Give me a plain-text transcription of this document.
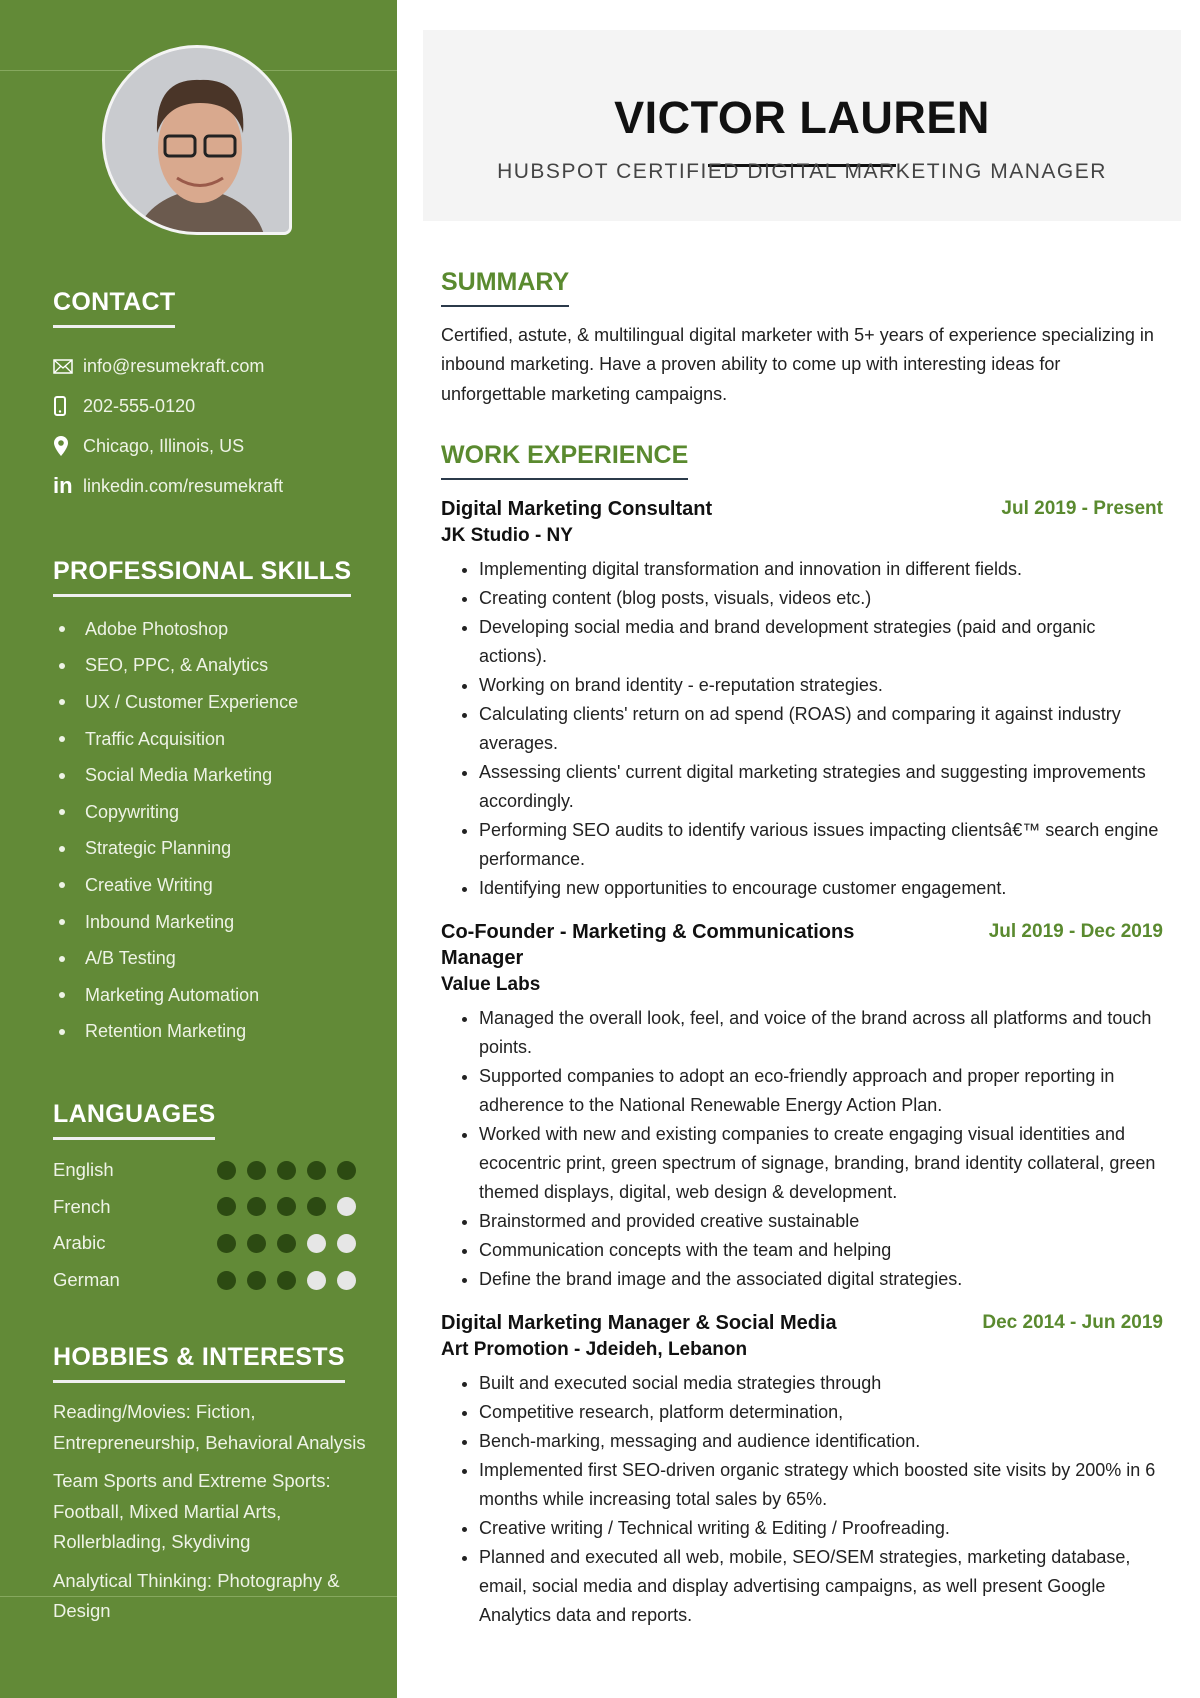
CONTACT
info@resumekraft.com
202-555-0120
Chicago, Illinois, US
in linkedin.com/resumekraft
PROFESSIONAL SKILLS
Adobe Photoshop
SEO, PPC, & Analytics
UX / Customer Experience
Traffic Acquisition
Social Media Marketing
Copywriting
Strategic Planning
Creative Writing
Inbound Marketing
A/B Testing
Marketing Automation
Retention Marketing
LANGUAGES
English
French
Arabic
German
HOBBIES & INTERESTS

Reading/Movies: Fiction, Entrepreneurship, Behavioral Analysis

Team Sports and Extreme Sports: Football, Mixed Martial Arts, Rollerblading, Skydiving

Analytical Thinking: Photography & Design

VICTOR LAUREN
HUBSPOT CERTIFIED DIGITAL MARKETING MANAGER
SUMMARY

Certified, astute, & multilingual digital marketer with 5+ years of experience specializing in inbound marketing. Have a proven ability to come up with interesting ideas for unforgettable marketing campaigns.

WORK EXPERIENCE
Digital Marketing Consultant	Jul 2019 - Present
JK Studio - NY
• Implementing digital transformation and innovation in different fields.
• Creating content (blog posts, visuals, videos etc.)
• Developing social media and brand development strategies (paid and organic actions).
• Working on brand identity - e-reputation strategies.
• Calculating clients' return on ad spend (ROAS) and comparing it against industry averages.
• Assessing clients' current digital marketing strategies and suggesting improvements accordingly.
• Performing SEO audits to identify various issues impacting clientsâ€™ search engine performance.
• Identifying new opportunities to encourage customer engagement.
Co-Founder - Marketing & Communications Manager
Jul 2019 - Dec 2019
Value Labs
• Managed the overall look, feel, and voice of the brand across all platforms and touch points.
• Supported companies to adopt an eco-friendly approach and proper reporting in adherence to the National Renewable Energy Action Plan.
• Worked with new and existing companies to create engaging visual identities and ecocentric print, green spectrum of signage, branding, brand identity collateral, green themed displays, digital, web design & development.
• Brainstormed and provided creative sustainable
• Communication concepts with the team and helping
• Define the brand image and the associated digital strategies.
Digital Marketing Manager & Social Media	Dec 2014 - Jun 2019
Art Promotion - Jdeideh, Lebanon
• Built and executed social media strategies through
• Competitive research, platform determination,
• Bench-marking, messaging and audience identification.
• Implemented first SEO-driven organic strategy which boosted site visits by 200% in 6 months while increasing total sales by 65%.
• Creative writing / Technical writing & Editing / Proofreading.
• Planned and executed all web, mobile, SEO/SEM strategies, marketing database, email, social media and display advertising campaigns, as well present Google Analytics data and reports.
